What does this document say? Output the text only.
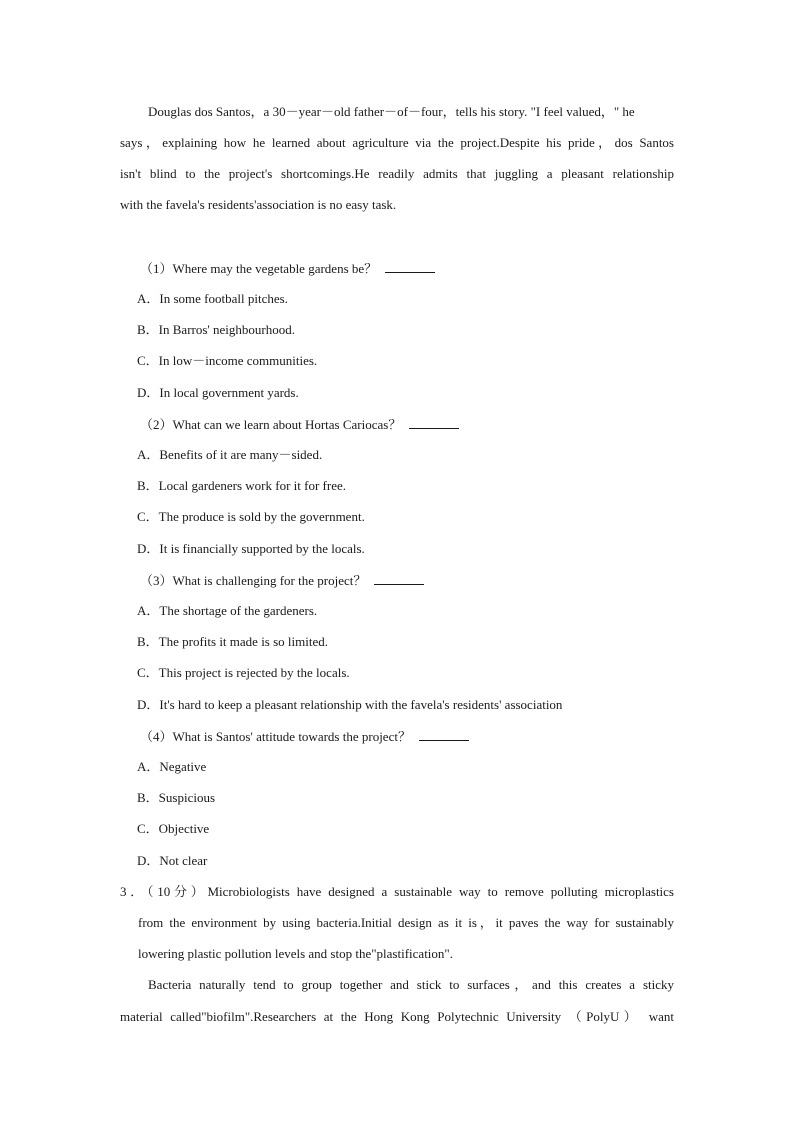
Douglas dos Santos，a 30－year－old father－of－four，tells his story. "I feel valued，" he
says，explaining how he learned about agriculture via the project.Despite his pride，dos Santos
isn't blind to the project's shortcomings.He readily admits that juggling a pleasant relationship
with the favela's residents'association is no easy task.
（1）Where may the vegetable gardens be？
A．In some football pitches.
B．In Barros' neighbourhood.
C．In low－income communities.
D．In local government yards.
（2）What can we learn about Hortas Cariocas？
A．Benefits of it are many－sided.
B．Local gardeners work for it for free.
C．The produce is sold by the government.
D．It is financially supported by the locals.
（3）What is challenging for the project？
A．The shortage of the gardeners.
B．The profits it made is so limited.
C．This project is rejected by the locals.
D．It's hard to keep a pleasant relationship with the favela's residents' association
（4）What is Santos' attitude towards the project？
A．Negative
B．Suspicious
C．Objective
D．Not clear
3．（10分）Microbiologists have designed a sustainable way to remove polluting microplastics
from the environment by using bacteria.Initial design as it is，it paves the way for sustainably
lowering plastic pollution levels and stop the"plastification".
Bacteria naturally tend to group together and stick to surfaces，and this creates a sticky
material called"biofilm".Researchers at the Hong Kong Polytechnic University （PolyU） want
